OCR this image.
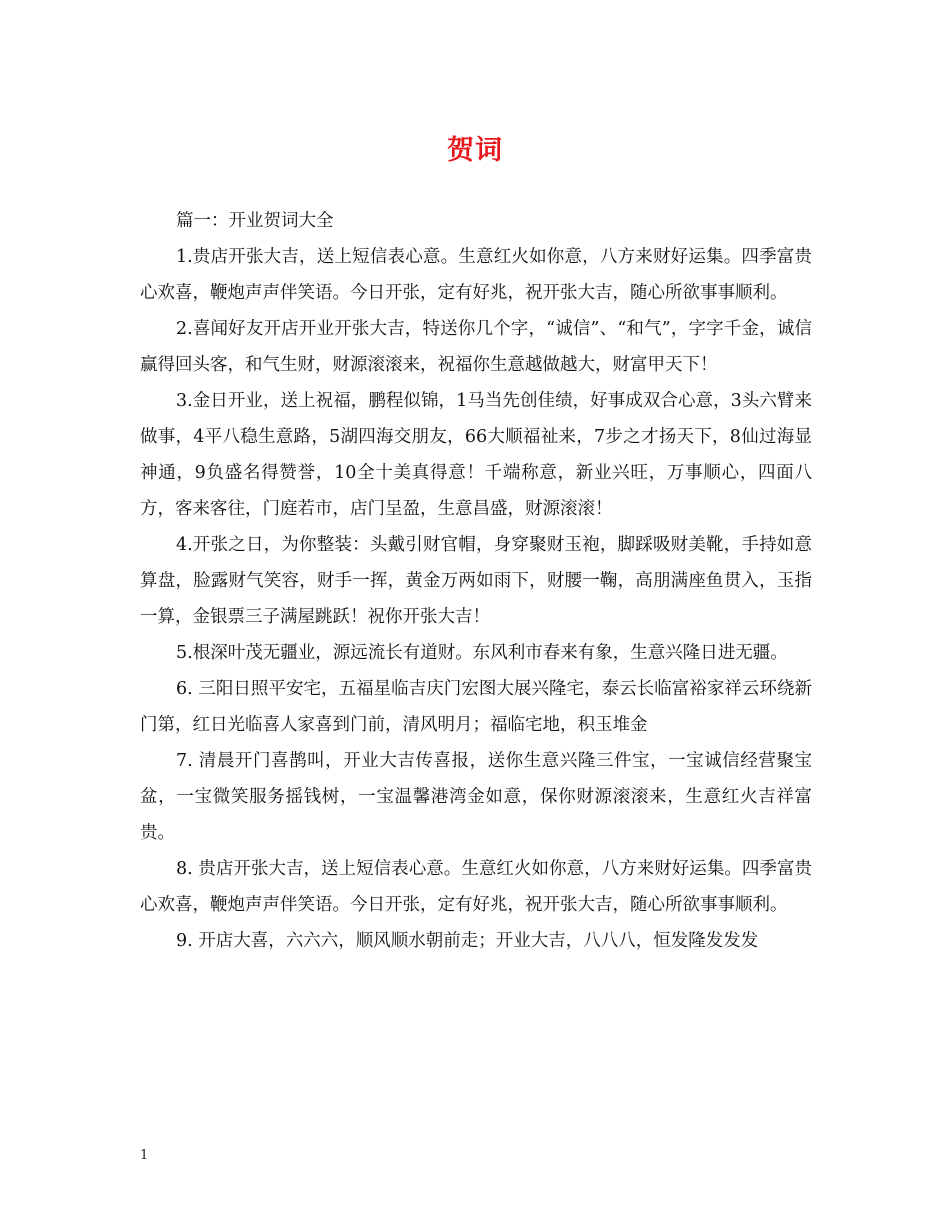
贺词

篇一：开业贺词大全

1.贵店开张大吉，送上短信表心意。生意红火如你意，八方来财好运集。四季富贵心欢喜，鞭炮声声伴笑语。今日开张，定有好兆，祝开张大吉，随心所欲事事顺利。

2.喜闻好友开店开业开张大吉，特送你几个字，“诚信”、“和气”，字字千金，诚信赢得回头客，和气生财，财源滚滚来，祝福你生意越做越大，财富甲天下！

3.金日开业，送上祝福，鹏程似锦，1马当先创佳绩，好事成双合心意，3头六臂来做事，4平八稳生意路，5湖四海交朋友，66大顺福祉来，7步之才扬天下，8仙过海显神通，9负盛名得赞誉，10全十美真得意！千端称意，新业兴旺，万事顺心，四面八方，客来客往，门庭若市，店门呈盈，生意昌盛，财源滚滚！

4.开张之日，为你整装：头戴引财官帽，身穿聚财玉袍，脚踩吸财美靴，手持如意算盘，脸露财气笑容，财手一挥，黄金万两如雨下，财腰一鞠，高朋满座鱼贯入，玉指一算，金银票三子满屋跳跃！祝你开张大吉！

5.根深叶茂无疆业，源远流长有道财。东风利市春来有象，生意兴隆日进无疆。

6. 三阳日照平安宅，五福星临吉庆门宏图大展兴隆宅，泰云长临富裕家祥云环绕新门第，红日光临喜人家喜到门前，清风明月；福临宅地，积玉堆金

7. 清晨开门喜鹊叫，开业大吉传喜报，送你生意兴隆三件宝，一宝诚信经营聚宝盆，一宝微笑服务摇钱树，一宝温馨港湾金如意，保你财源滚滚来，生意红火吉祥富贵。

8. 贵店开张大吉，送上短信表心意。生意红火如你意，八方来财好运集。四季富贵心欢喜，鞭炮声声伴笑语。今日开张，定有好兆，祝开张大吉，随心所欲事事顺利。

9. 开店大喜，六六六，顺风顺水朝前走；开业大吉，八八八，恒发隆发发发

1
